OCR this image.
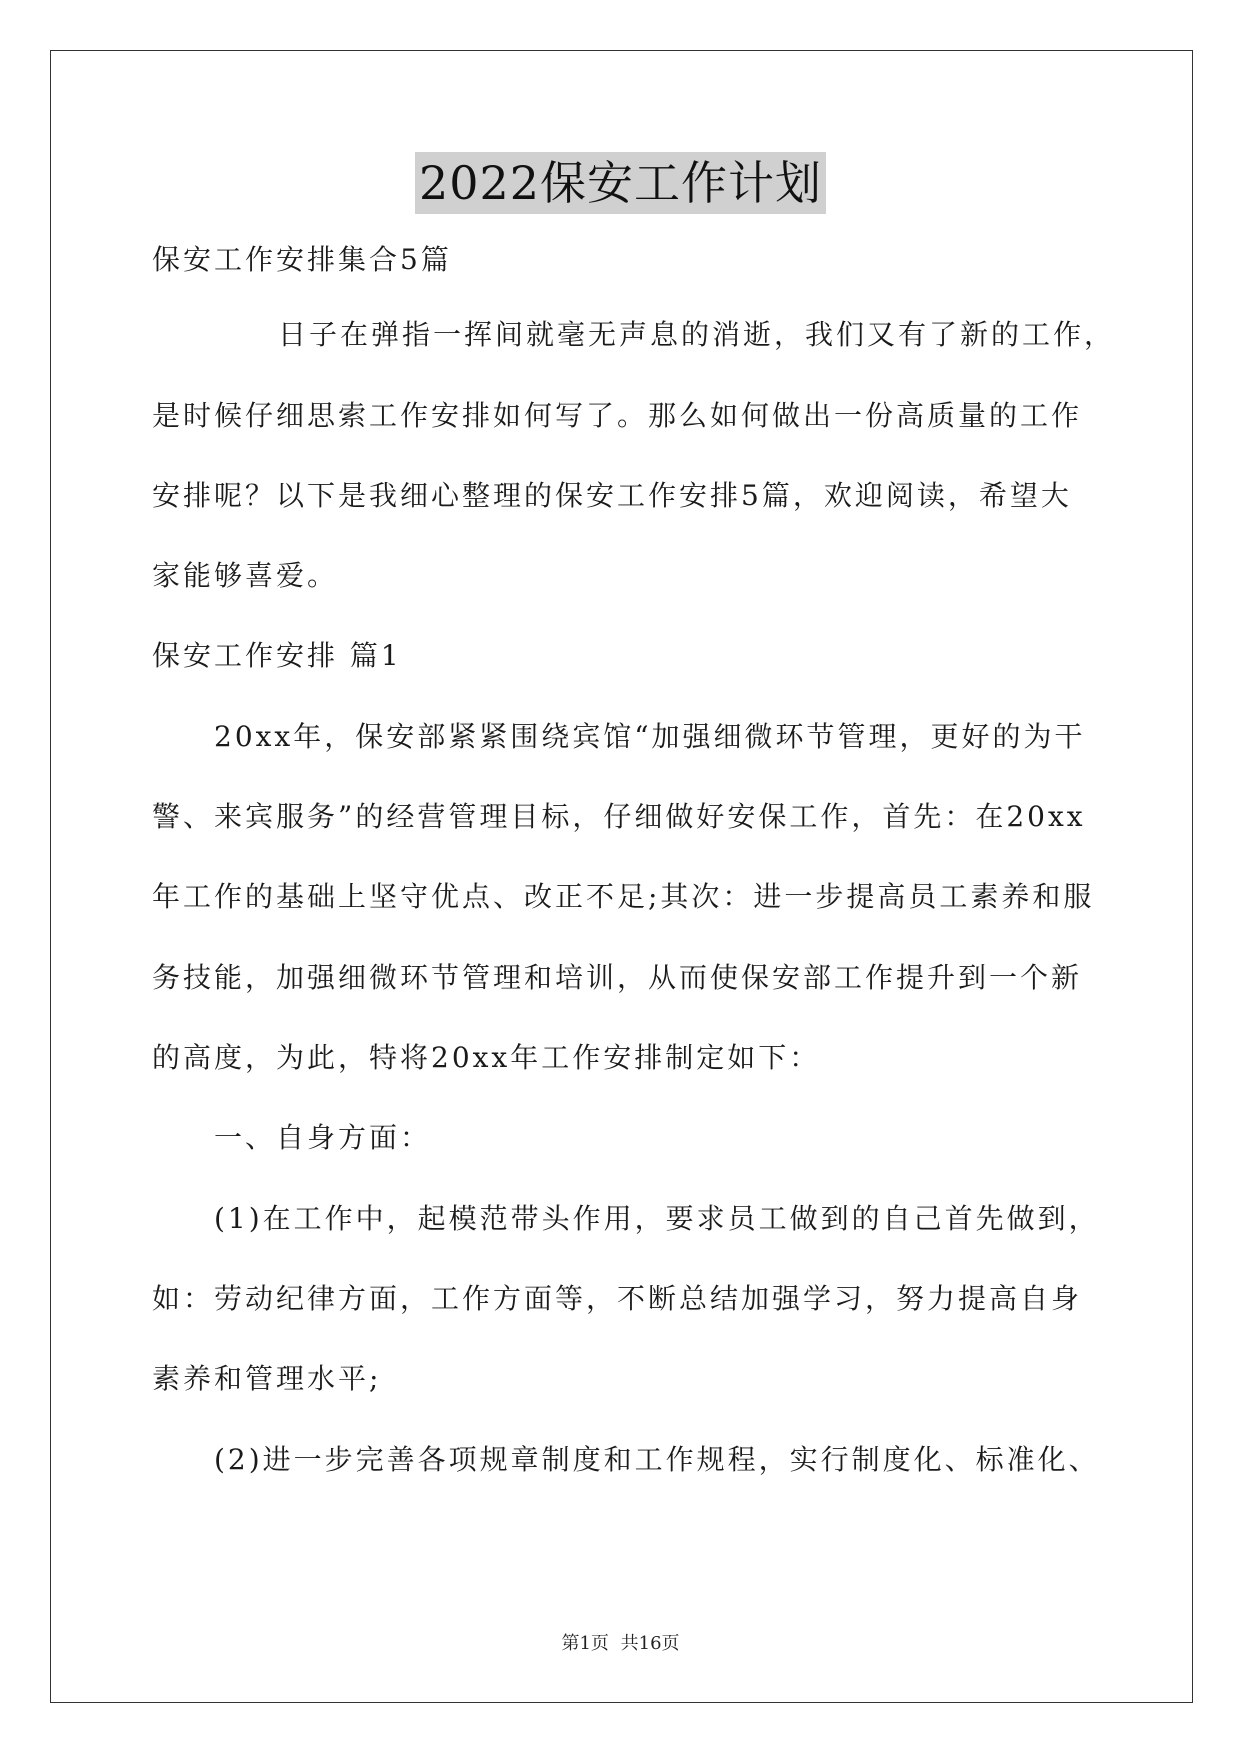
2022保安工作计划
保安工作安排集合5篇
日子在弹指一挥间就毫无声息的消逝，我们又有了新的工作，
是时候仔细思索工作安排如何写了。那么如何做出一份高质量的工作
安排呢？以下是我细心整理的保安工作安排5篇，欢迎阅读，希望大
家能够喜爱。
保安工作安排 篇1
20xx年，保安部紧紧围绕宾馆“加强细微环节管理，更好的为干
警、来宾服务”的经营管理目标，仔细做好安保工作，首先：在20xx
年工作的基础上坚守优点、改正不足;其次：进一步提高员工素养和服
务技能，加强细微环节管理和培训，从而使保安部工作提升到一个新
的高度，为此，特将20xx年工作安排制定如下：
一、自身方面：
(1)在工作中，起模范带头作用，要求员工做到的自己首先做到，
如：劳动纪律方面，工作方面等，不断总结加强学习，努力提高自身
素养和管理水平;
(2)进一步完善各项规章制度和工作规程，实行制度化、标准化、
第1页 共16页
